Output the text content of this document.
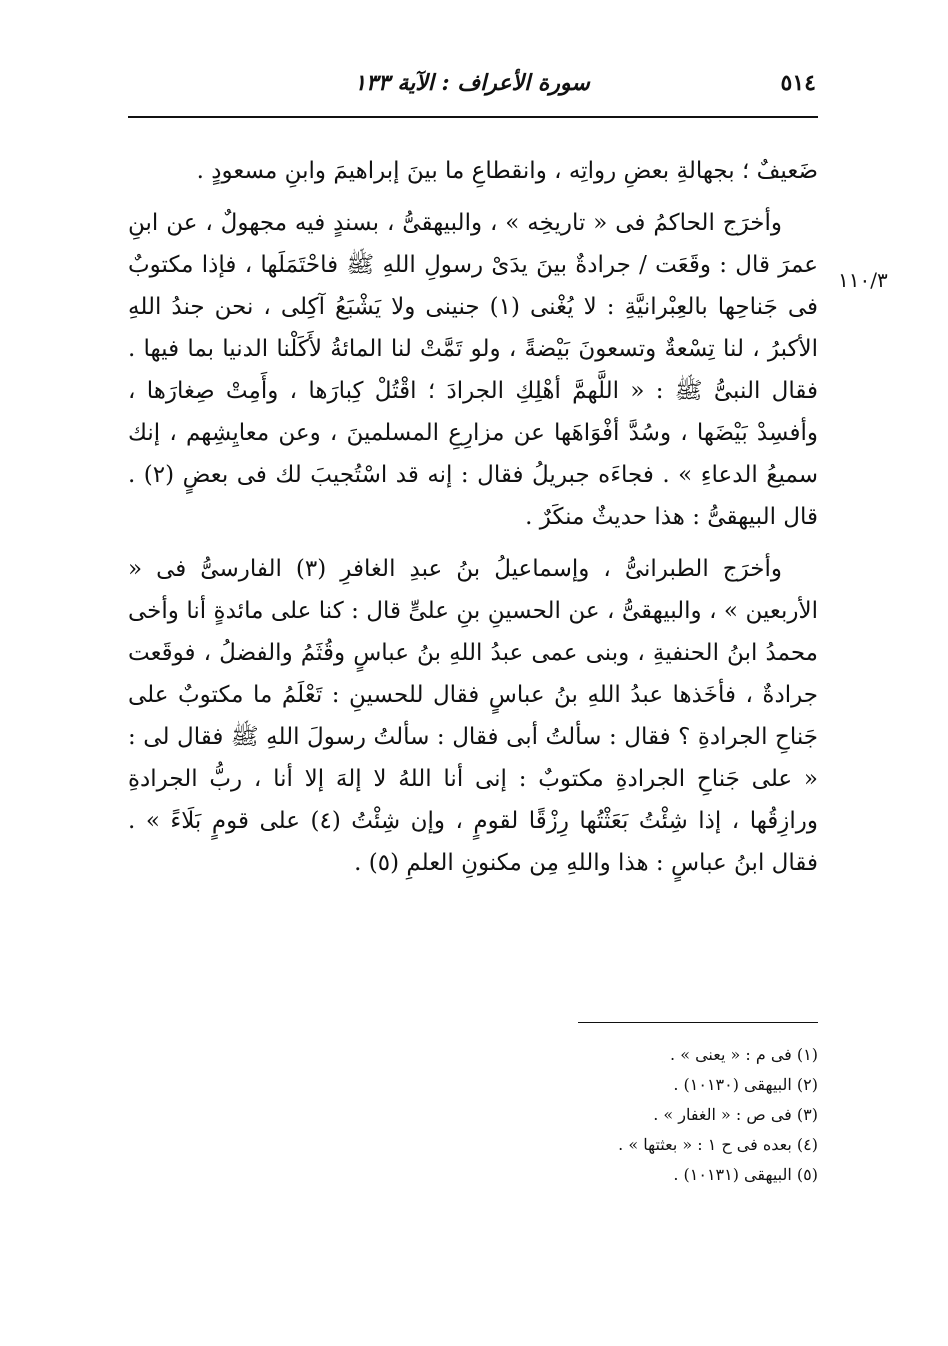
٥١٤
سورة الأعراف : الآية ١٣٣
١١٠/٣

ضَعيفٌ ؛ بجهالةِ بعضِ رواتِه ، وانقطاعِ ما بينَ إبراهيمَ وابنِ مسعودٍ .

وأخرَج الحاكمُ فى « تاريخِه » ، والبيهقىُّ ، بسندٍ فيه مجهولٌ ، عن ابنِ عمرَ قال : وقَعَت / جرادةٌ بينَ يدَىْ رسولِ اللهِ ﷺ فاحْتَمَلَها ، فإذا مكتوبٌ فى جَناحِها بالعِبْرانيَّةِ : لا يُغْنى (١) جنينى ولا يَشْبَعُ آكِلى ، نحن جندُ اللهِ الأكبرُ ، لنا تِسْعةٌ وتسعونَ بَيْضةً ، ولو تَمَّتْ لنا المائةُ لأَكَلْنا الدنيا بما فيها . فقال النبىُّ ﷺ : « اللَّهمَّ أهْلِكِ الجرادَ ؛ اقْتُلْ كِبارَها ، وأَمِتْ صِغارَها ، وأفسِدْ بَيْضَها ، وسُدَّ أفْوَاهَها عن مزارِعِ المسلمينَ ، وعن معايِشِهم ، إنك سميعُ الدعاءِ » . فجاءَه جبريلُ فقال : إنه قد اسْتُجيبَ لك فى بعضٍ (٢) . قال البيهقىُّ : هذا حديثٌ منكَرٌ .

وأخرَج الطبرانىُّ ، وإسماعيلُ بنُ عبدِ الغافرِ (٣) الفارسىُّ فى « الأربعين » ، والبيهقىُّ ، عن الحسينِ بنِ علىٍّ قال : كنا على مائدةٍ أنا وأخى محمدُ ابنُ الحنفيةِ ، وبنى عمى عبدُ اللهِ بنُ عباسٍ وقُثَمُ والفضلُ ، فوقَعت جرادةٌ ، فأخَذها عبدُ اللهِ بنُ عباسٍ فقال للحسينِ : تَعْلَمُ ما مكتوبٌ على جَناحِ الجرادةِ ؟ فقال : سألتُ أبى فقال : سألتُ رسولَ اللهِ ﷺ فقال لى : « على جَناحِ الجرادةِ مكتوبٌ : إنى أنا اللهُ لا إلهَ إلا أنا ، ربُّ الجرادةِ ورازِقُها ، إذا شِئْتُ بَعَثْتُها رِزْقًا لقومٍ ، وإن شِئْتُ (٤) على قومٍ بَلَاءً » . فقال ابنُ عباسٍ : هذا واللهِ مِن مكنونِ العلمِ (٥) .

(١) فى م : « يعنى » .

(٢) البيهقى (١٠١٣٠) .

(٣) فى ص : « الغفار » .

(٤) بعده فى ح ١ : « بعثتها » .

(٥) البيهقى (١٠١٣١) .
